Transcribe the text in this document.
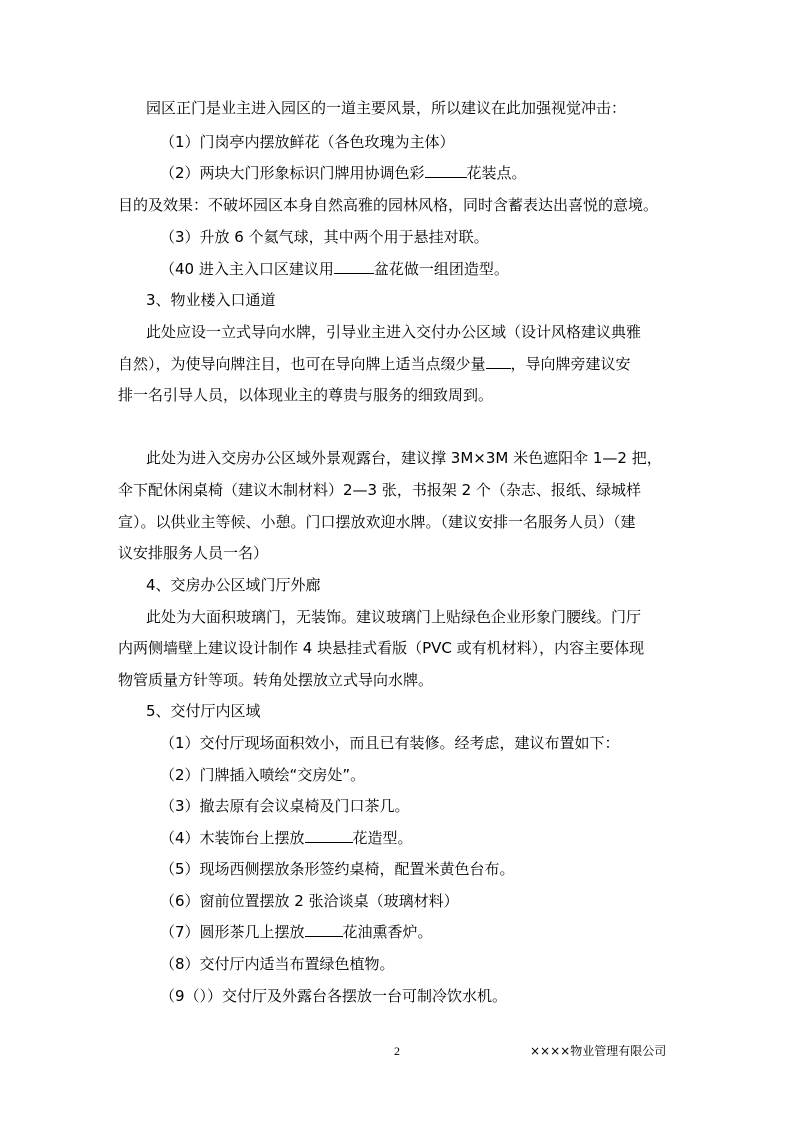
园区正门是业主进入园区的一道主要风景，所以建议在此加强视觉冲击：
（1）门岗亭内摆放鲜花（各色玫瑰为主体）
（2）两块大门形象标识门牌用协调色彩	花装点。
目的及效果：不破坏园区本身自然高雅的园林风格，同时含蓄表达出喜悦的意境。
（3）升放 6 个氦气球，其中两个用于悬挂对联。
（40 进入主入口区建议用	盆花做一组团造型。
3、物业楼入口通道
此处应设一立式导向水牌，引导业主进入交付办公区域（设计风格建议典雅
自然），为使导向牌注目，也可在导向牌上适当点缀少量 ，导向牌旁建议安
排一名引导人员，以体现业主的尊贵与服务的细致周到。
此处为进入交房办公区域外景观露台，建议撑 3M×3M 米色遮阳伞 1—2 把，
伞下配休闲桌椅（建议木制材料）2—3 张，书报架 2 个（杂志、报纸、绿城样
宣）。以供业主等候、小憩。门口摆放欢迎水牌。（建议安排一名服务人员）（建
议安排服务人员一名）
4、交房办公区域门厅外廊
此处为大面积玻璃门，无装饰。建议玻璃门上贴绿色企业形象门腰线。门厅
内两侧墙壁上建议设计制作 4 块悬挂式看版（PVC 或有机材料），内容主要体现
物管质量方针等项。转角处摆放立式导向水牌。
5、交付厅内区域
（1）交付厅现场面积效小，而且已有装修。经考虑，建议布置如下：
（2）门牌插入喷绘“交房处”。
（3）撤去原有会议桌椅及门口茶几。
（4）木装饰台上摆放	花造型。
（5）现场西侧摆放条形签约桌椅，配置米黄色台布。
（6）窗前位置摆放 2 张洽谈桌（玻璃材料）
（7）圆形茶几上摆放	花油熏香炉。
（8）交付厅内适当布置绿色植物。
（9（））交付厅及外露台各摆放一台可制冷饮水机。
2	××××物业管理有限公司
